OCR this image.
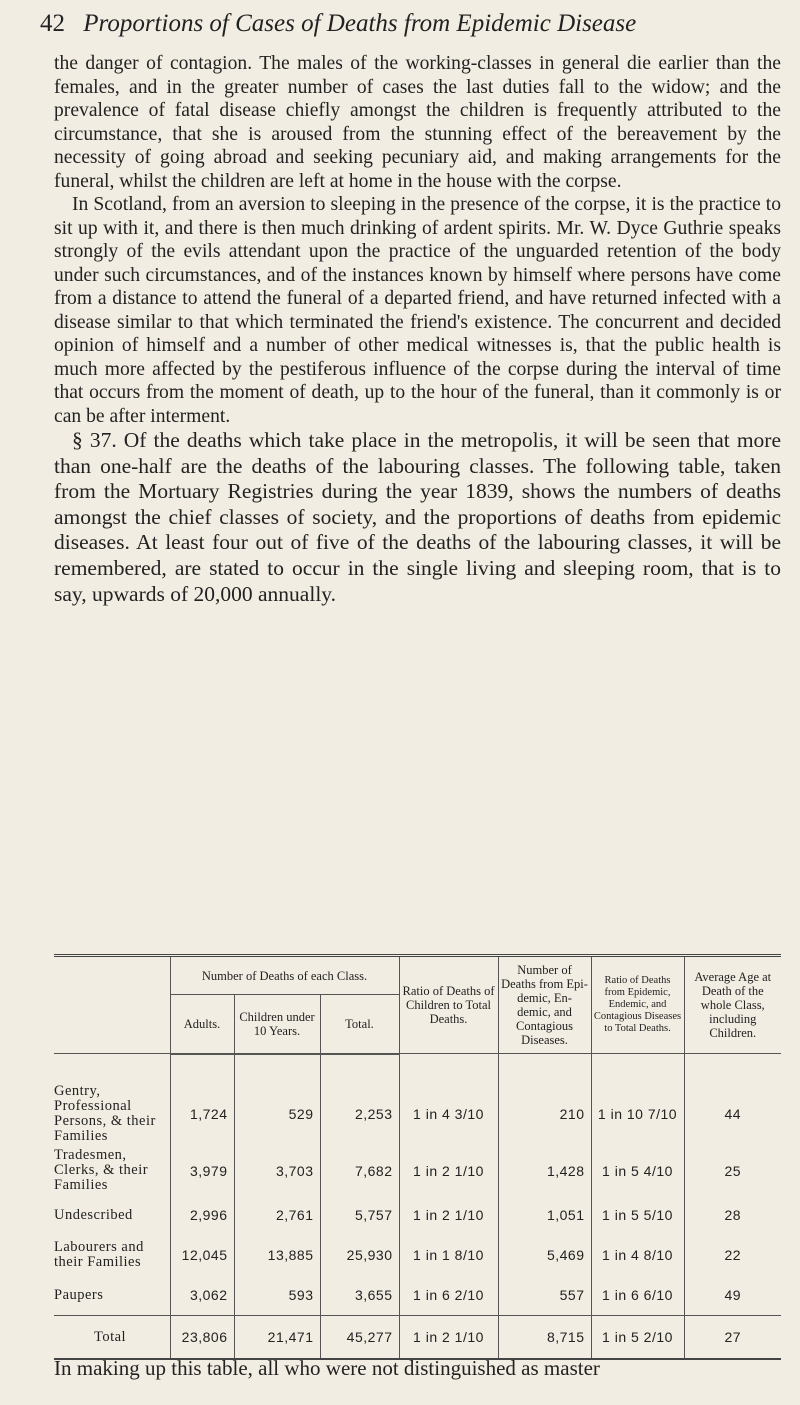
42 Proportions of Cases of Deaths from Epidemic Disease

the danger of contagion. The males of the working-classes in general die earlier than the females, and in the greater number of cases the last duties fall to the widow; and the prevalence of fatal disease chiefly amongst the children is frequently attributed to the circumstance, that she is aroused from the stunning effect of the bereavement by the necessity of going abroad and seeking pecuniary aid, and making arrangements for the funeral, whilst the children are left at home in the house with the corpse.

In Scotland, from an aversion to sleeping in the presence of the corpse, it is the practice to sit up with it, and there is then much drinking of ardent spirits. Mr. W. Dyce Guthrie speaks strongly of the evils attendant upon the practice of the unguarded retention of the body under such circumstances, and of the instances known by himself where persons have come from a distance to attend the funeral of a departed friend, and have returned infected with a disease similar to that which terminated the friend's existence. The concurrent and decided opinion of himself and a number of other medical witnesses is, that the public health is much more affected by the pestiferous influence of the corpse during the interval of time that occurs from the moment of death, up to the hour of the funeral, than it commonly is or can be after interment.

§ 37. Of the deaths which take place in the metropolis, it will be seen that more than one-half are the deaths of the labouring classes. The following table, taken from the Mortuary Registries during the year 1839, shows the numbers of deaths amongst the chief classes of society, and the proportions of deaths from epidemic diseases. At least four out of five of the deaths of the labouring classes, it will be remembered, are stated to occur in the single living and sleeping room, that is to say, upwards of 20,000 annually.

	Number of Deaths of each Class.			Ratio of Deaths of Children to Total Deaths.	Number of Deaths from Epi-demic, En-demic, and Contagious Diseases.	Ratio of Deaths from Epidemic, Endemic, and Contagious Diseases to Total Deaths.	Average Age at Death of the whole Class, including Children.
	Adults.	Children under 10 Years.	Total.				
Gentry, Professional Persons, & their Families	1,724	529	2,253	1 in 4 3/10	210	1 in 10 7/10	44
Tradesmen, Clerks, & their Families	3,979	3,703	7,682	1 in 2 1/10	1,428	1 in 5 4/10	25
Undescribed	2,996	2,761	5,757	1 in 2 1/10	1,051	1 in 5 5/10	28
Labourers and their Families	12,045	13,885	25,930	1 in 1 8/10	5,469	1 in 4 8/10	22
Paupers	3,062	593	3,655	1 in 6 2/10	557	1 in 6 6/10	49
Total	23,806	21,471	45,277	1 in 2 1/10	8,715	1 in 5 2/10	27
In making up this table, all who were not distinguished as master
